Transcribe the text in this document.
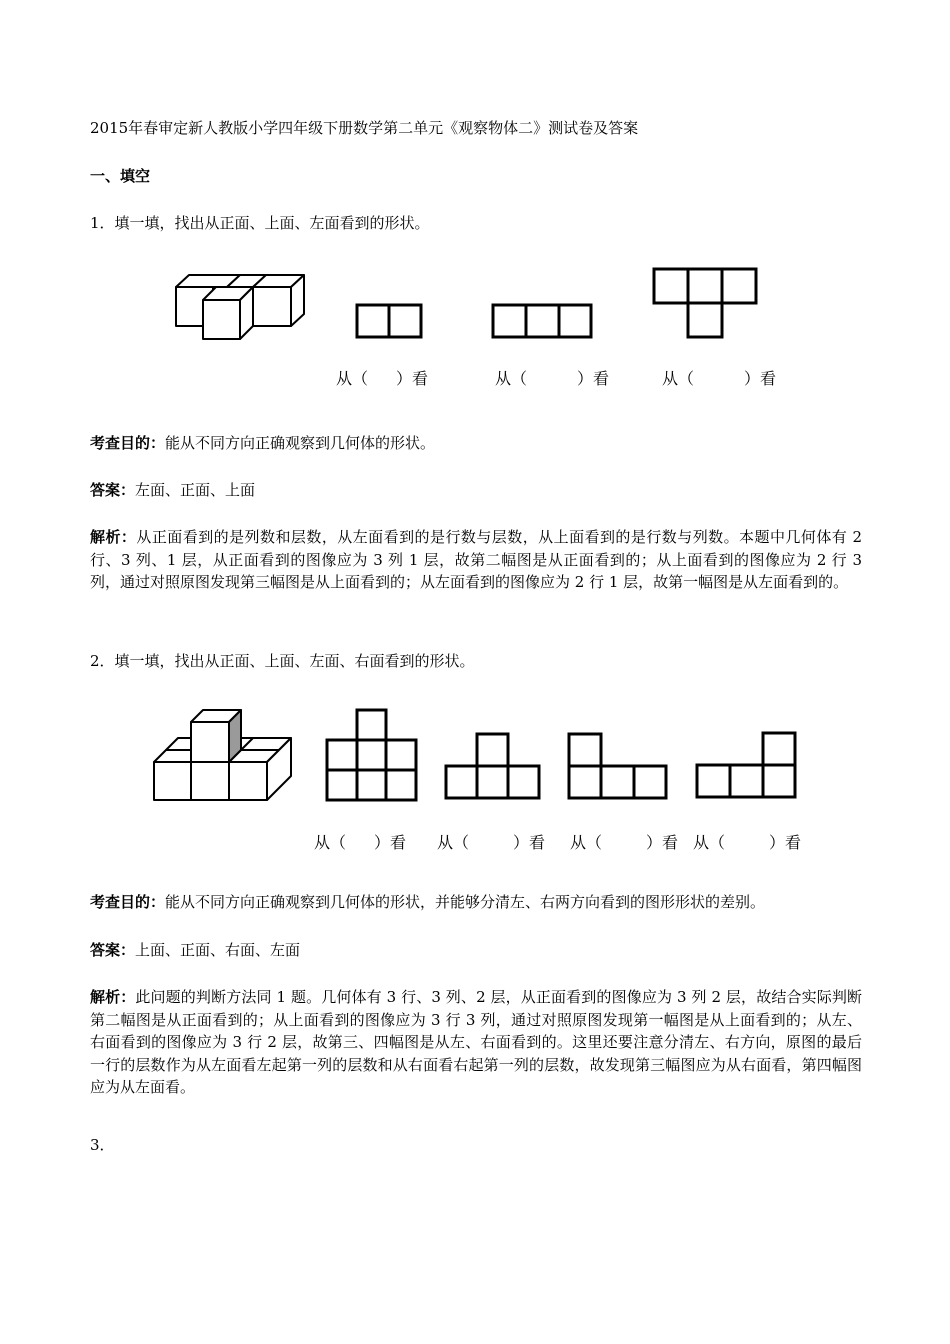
2015年春审定新人教版小学四年级下册数学第二单元《观察物体二》测试卷及答案
一、填空
1．填一填，找出从正面、上面、左面看到的形状。
从（ ）看	从（	）看	从（	）看
考查目的：能从不同方向正确观察到几何体的形状。
答案：左面、正面、上面
解析：从正面看到的是列数和层数，从左面看到的是行数与层数，从上面看到的是行数与列数。本题中几何体有 2 行、3 列、1 层，从正面看到的图像应为 3 列 1 层，故第二幅图是从正面看到的；从上面看到的图像应为 2 行 3 列，通过对照原图发现第三幅图是从上面看到的；从左面看到的图像应为 2 行 1 层，故第一幅图是从左面看到的。
2．填一填，找出从正面、上面、左面、右面看到的形状。
从（ ）看 从（	）看 从（	）看 从（	）看
考查目的：能从不同方向正确观察到几何体的形状，并能够分清左、右两方向看到的图形形状的差别。
答案：上面、正面、右面、左面
解析：此问题的判断方法同 1 题。几何体有 3 行、3 列、2 层，从正面看到的图像应为 3 列 2 层，故结合实际判断第二幅图是从正面看到的；从上面看到的图像应为 3 行 3 列，通过对照原图发现第一幅图是从上面看到的；从左、右面看到的图像应为 3 行 2 层，故第三、四幅图是从左、右面看到的。这里还要注意分清左、右方向，原图的最后一行的层数作为从左面看左起第一列的层数和从右面看右起第一列的层数，故发现第三幅图应为从右面看，第四幅图应为从左面看。
3．
